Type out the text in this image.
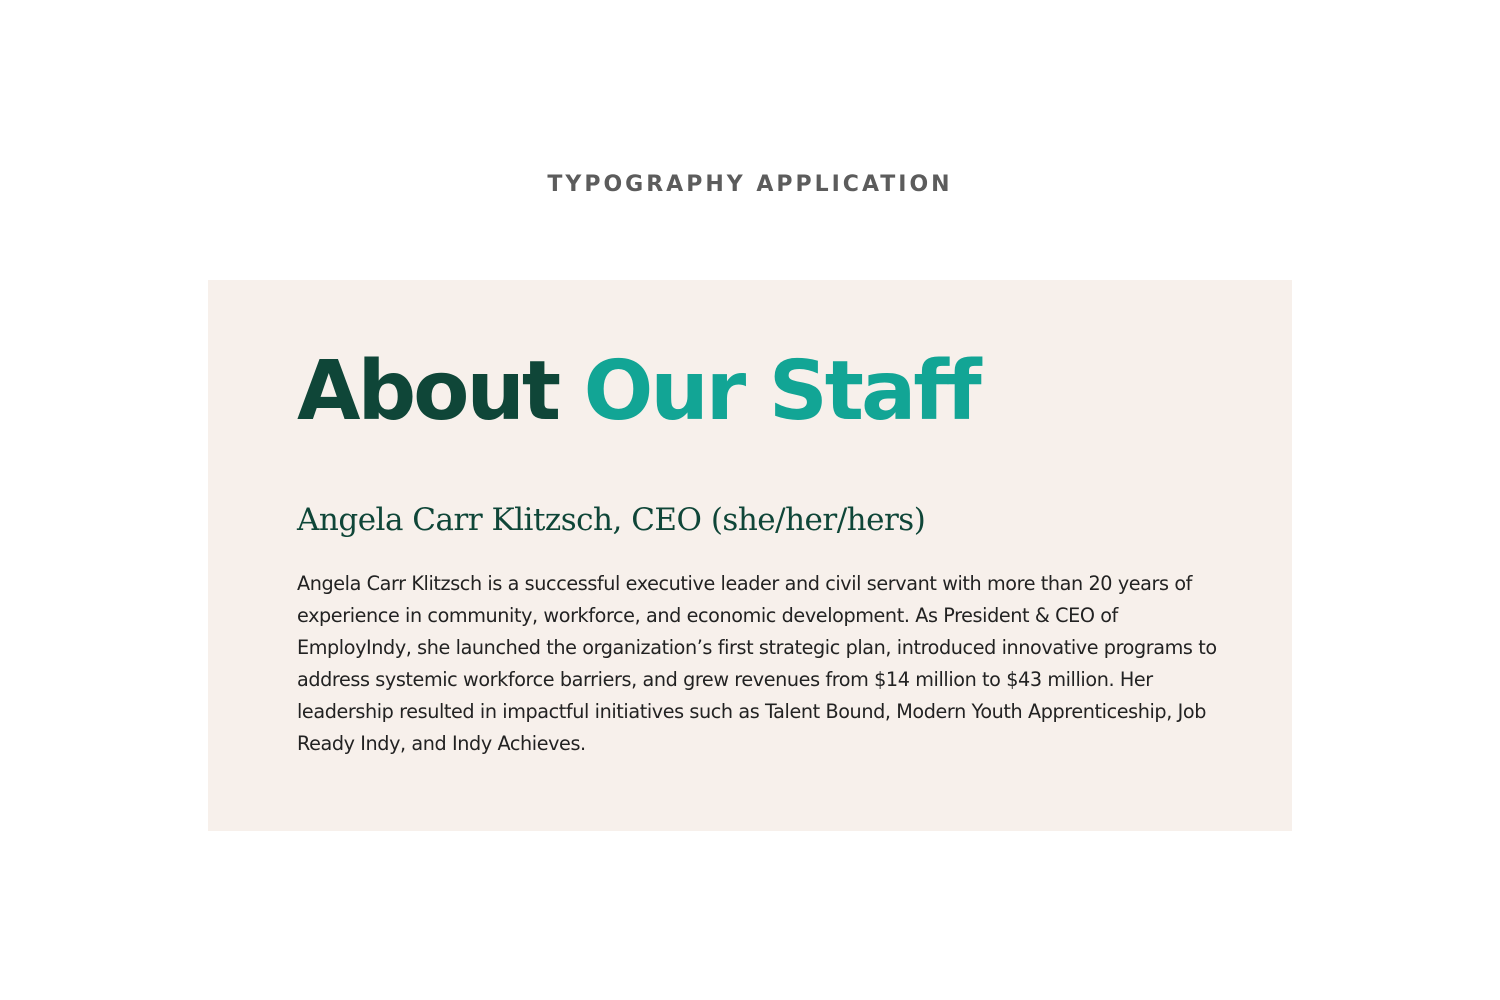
TYPOGRAPHY APPLICATION
About Our Staff
Angela Carr Klitzsch, CEO (she/her/hers)

Angela Carr Klitzsch is a successful executive leader and civil servant with more than 20 years of experience in community, workforce, and economic development. As President & CEO of EmployIndy, she launched the organization’s first strategic plan, introduced innovative programs to address systemic workforce barriers, and grew revenues from $14 million to $43 million. Her leadership resulted in impactful initiatives such as Talent Bound, Modern Youth Apprenticeship, Job Ready Indy, and Indy Achieves.
